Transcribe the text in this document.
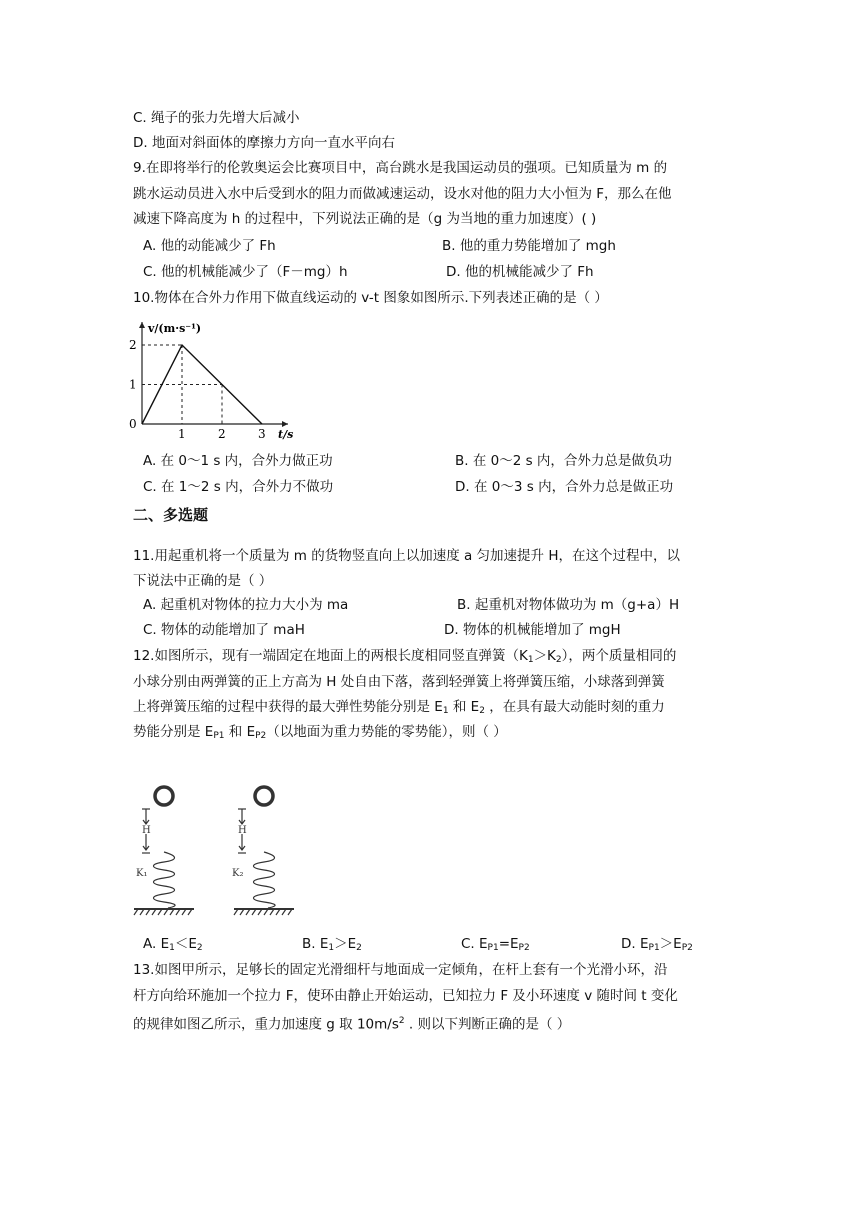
C. 绳子的张力先增大后减小
D. 地面对斜面体的摩擦力方向一直水平向右
9.在即将举行的伦敦奥运会比赛项目中，高台跳水是我国运动员的强项。已知质量为 m 的
跳水运动员进入水中后受到水的阻力而做减速运动，设水对他的阻力大小恒为 F，那么在他
减速下降高度为 h 的过程中，下列说法正确的是（g 为当地的重力加速度）( )
A. 他的动能减少了 Fh	B. 他的重力势能增加了 mgh
C. 他的机械能减少了（F－mg）h	D. 他的机械能减少了 Fh
10.物体在合外力作用下做直线运动的 v-t 图象如图所示.下列表述正确的是（ ）
1	2	3
1
2
0
t/s
v/(m·s⁻¹)
A. 在 0～1 s 内，合外力做正功	B. 在 0～2 s 内，合外力总是做负功
C. 在 1～2 s 内，合外力不做功	D. 在 0～3 s 内，合外力总是做正功
二、多选题
11.用起重机将一个质量为 m 的货物竖直向上以加速度 a 匀加速提升 H，在这个过程中，以
下说法中正确的是（ ）
A. 起重机对物体的拉力大小为 ma	B. 起重机对物体做功为 m（g+a）H
C. 物体的动能增加了 maH	D. 物体的机械能增加了 mgH
12.如图所示，现有一端固定在地面上的两根长度相同竖直弹簧$(K_1>K_2)$，两个质量相同的
小球分别由两弹簧的正上方高为 H 处自由下落，落到轻弹簧上将弹簧压缩，小球落到弹簧
上将弹簧压缩的过程中获得的最大弹性势能分别是 $E_1$ 和 $E_2$ ，在具有最大动能时刻的重力
势能分别是 $E_{P1}$ 和 $E_{P2}$（以地面为重力势能的零势能），则（ ）
H	H
K₁	K₂
A. $E_1<E_2$	B. $E_1>E_2$	C. $E_{P1}=E_{P2}$	D. $E_{P1}>E_{P2}$
13.如图甲所示，足够长的固定光滑细杆与地面成一定倾角，在杆上套有一个光滑小环，沿
杆方向给环施加一个拉力 F，使环由静止开始运动，已知拉力 F 及小环速度 v 随时间 t 变化
的规律如图乙所示，重力加速度 g 取 $10m/s^2$ . 则以下判断正确的是（ ）
